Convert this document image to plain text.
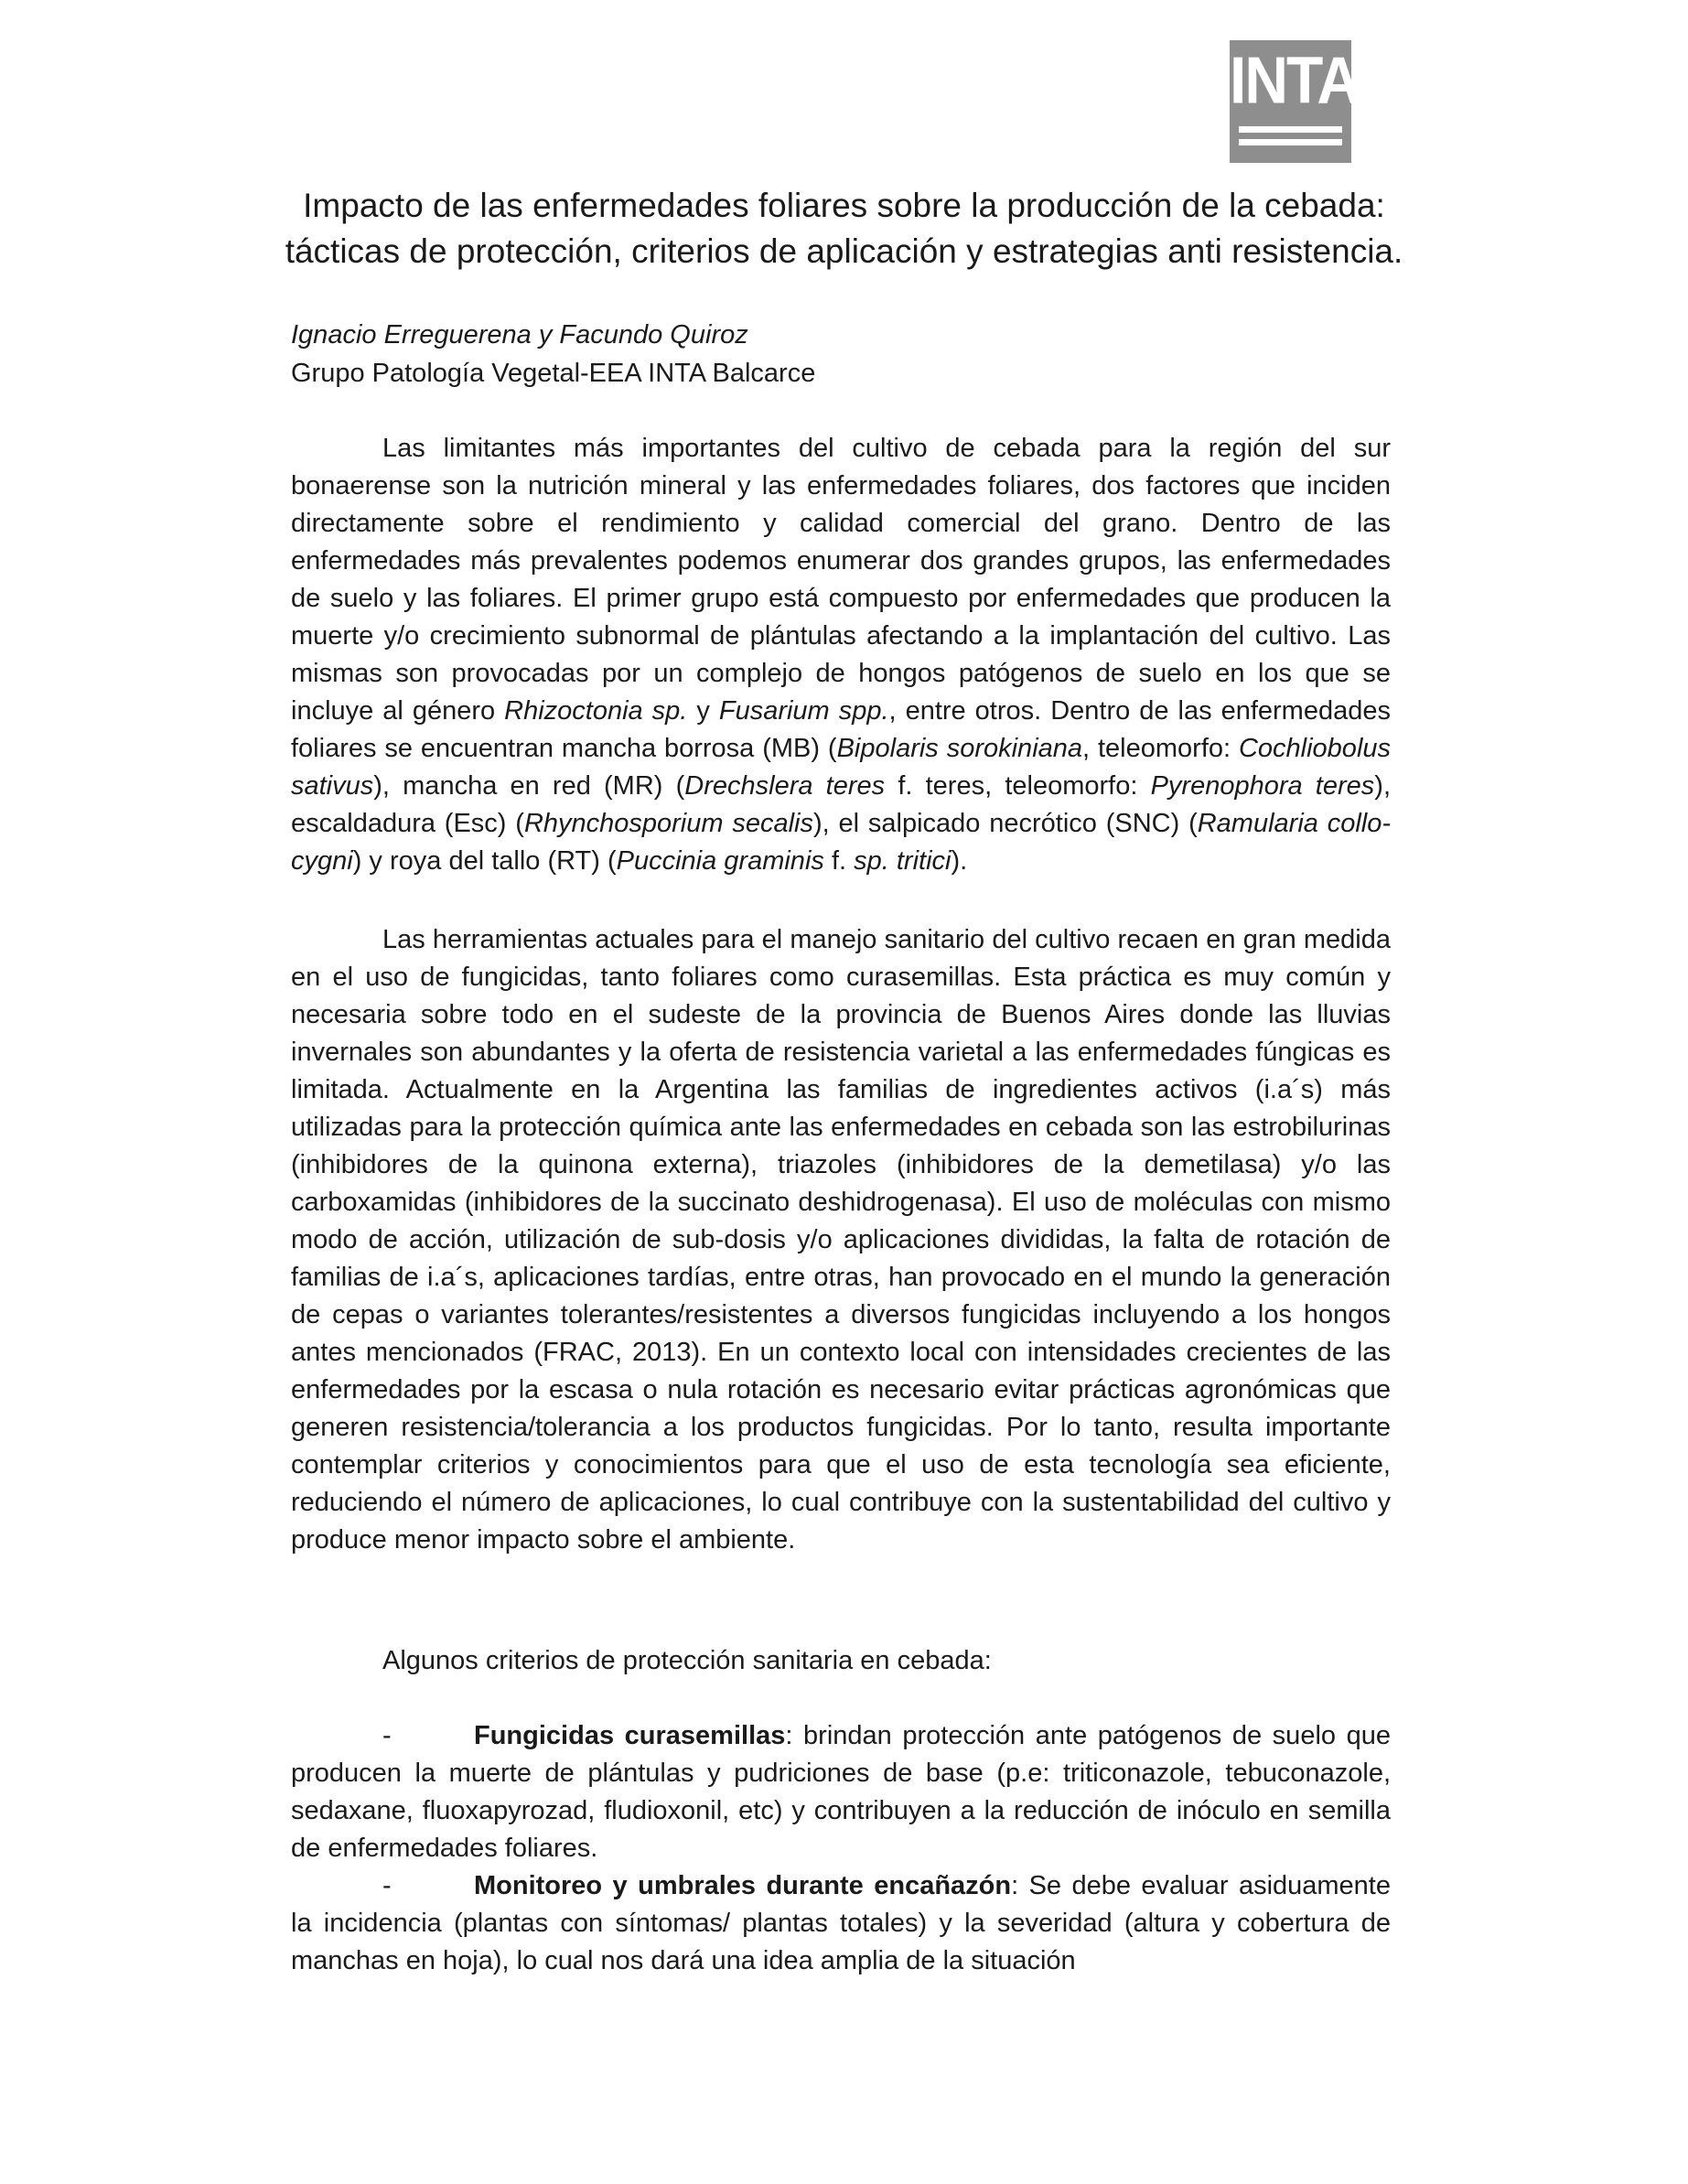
INTA
Impacto de las enfermedades foliares sobre la producción de la cebada:
tácticas de protección, criterios de aplicación y estrategias anti resistencia.
Ignacio Erreguerena y Facundo Quiroz
Grupo Patología Vegetal-EEA INTA Balcarce

Las limitantes más importantes del cultivo de cebada para la región del sur bonaerense son la nutrición mineral y las enfermedades foliares, dos factores que inciden directamente sobre el rendimiento y calidad comercial del grano. Dentro de las enfermedades más prevalentes podemos enumerar dos grandes grupos, las enfermedades de suelo y las foliares. El primer grupo está compuesto por enfermedades que producen la muerte y/o crecimiento subnormal de plántulas afectando a la implantación del cultivo. Las mismas son provocadas por un complejo de hongos patógenos de suelo en los que se incluye al género Rhizoctonia sp. y Fusarium spp., entre otros. Dentro de las enfermedades foliares se encuentran mancha borrosa (MB) (Bipolaris sorokiniana, teleomorfo: Cochliobolus sativus), mancha en red (MR) (Drechslera teres f. teres, teleomorfo: Pyrenophora teres), escaldadura (Esc) (Rhynchosporium secalis), el salpicado necrótico (SNC) (Ramularia collo-cygni) y roya del tallo (RT) (Puccinia graminis f. sp. tritici).

Las herramientas actuales para el manejo sanitario del cultivo recaen en gran medida en el uso de fungicidas, tanto foliares como curasemillas. Esta práctica es muy común y necesaria sobre todo en el sudeste de la provincia de Buenos Aires donde las lluvias invernales son abundantes y la oferta de resistencia varietal a las enfermedades fúngicas es limitada. Actualmente en la Argentina las familias de ingredientes activos (i.a´s) más utilizadas para la protección química ante las enfermedades en cebada son las estrobilurinas (inhibidores de la quinona externa), triazoles (inhibidores de la demetilasa) y/o las carboxamidas (inhibidores de la succinato deshidrogenasa). El uso de moléculas con mismo modo de acción, utilización de sub-dosis y/o aplicaciones divididas, la falta de rotación de familias de i.a´s, aplicaciones tardías, entre otras, han provocado en el mundo la generación de cepas o variantes tolerantes/resistentes a diversos fungicidas incluyendo a los hongos antes mencionados (FRAC, 2013). En un contexto local con intensidades crecientes de las enfermedades por la escasa o nula rotación es necesario evitar prácticas agronómicas que generen resistencia/tolerancia a los productos fungicidas. Por lo tanto, resulta importante contemplar criterios y conocimientos para que el uso de esta tecnología sea eficiente, reduciendo el número de aplicaciones, lo cual contribuye con la sustentabilidad del cultivo y produce menor impacto sobre el ambiente.

Algunos criterios de protección sanitaria en cebada:

-	Fungicidas curasemillas: brindan protección ante patógenos de suelo que producen la muerte de plántulas y pudriciones de base (p.e: triticonazole, tebuconazole, sedaxane, fluoxapyrozad, fludioxonil, etc) y contribuyen a la reducción de inóculo en semilla de enfermedades foliares.

-	Monitoreo y umbrales durante encañazón: Se debe evaluar asiduamente la incidencia (plantas con síntomas/ plantas totales) y la severidad (altura y cobertura de manchas en hoja), lo cual nos dará una idea amplia de la situación
